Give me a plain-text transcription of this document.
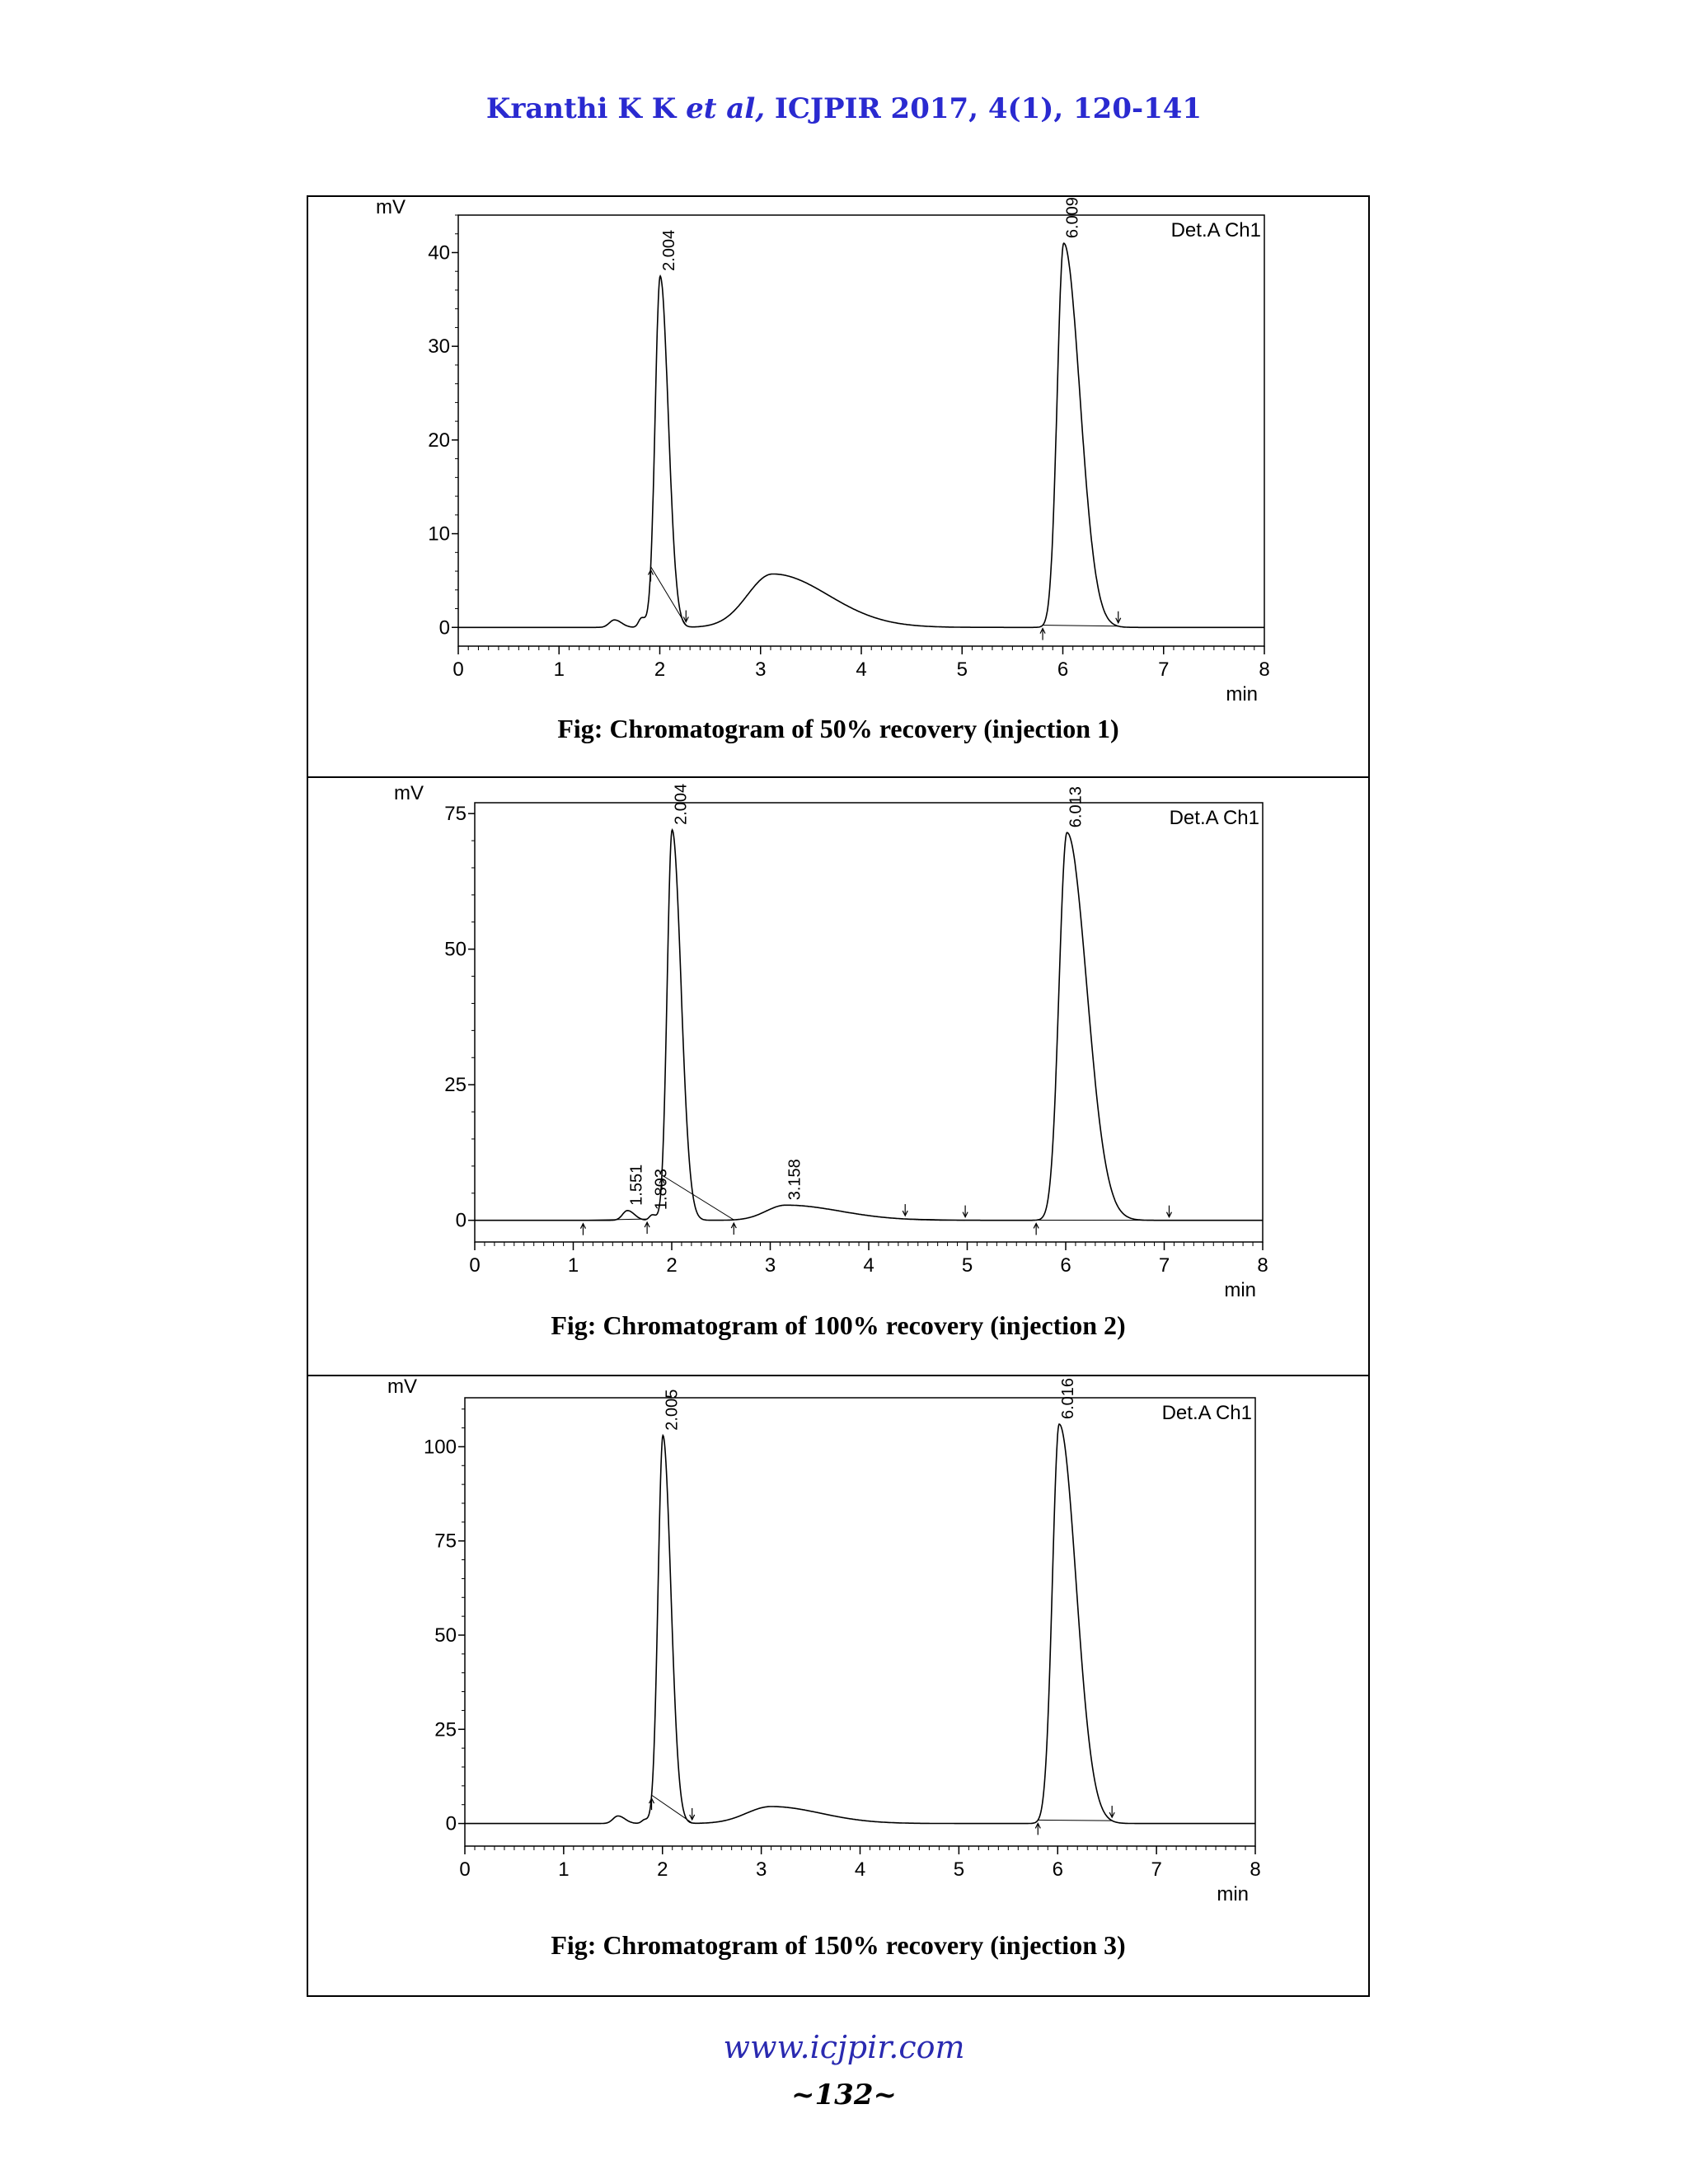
Kranthi K K et al, ICJPIR 2017, 4(1), 120-141
0
10
20
30
40
0	1	2	3	4	5	6	7	8
mV
min
Det.A Ch1
2.004
6.009
Fig: Chromatogram of 50% recovery (injection 1)
0
25
50
75
0	1	2	3	4	5	6	7	8
mV
min
Det.A Ch1
1.551 1.803
2.004
3.158
6.013
Fig: Chromatogram of 100% recovery (injection 2)
0
25
50
75
100
0	1	2	3	4	5	6	7	8
mV
min
Det.A Ch1
2.005	6.016
Fig: Chromatogram of 150% recovery (injection 3)
www.icjpir.com
~132~
